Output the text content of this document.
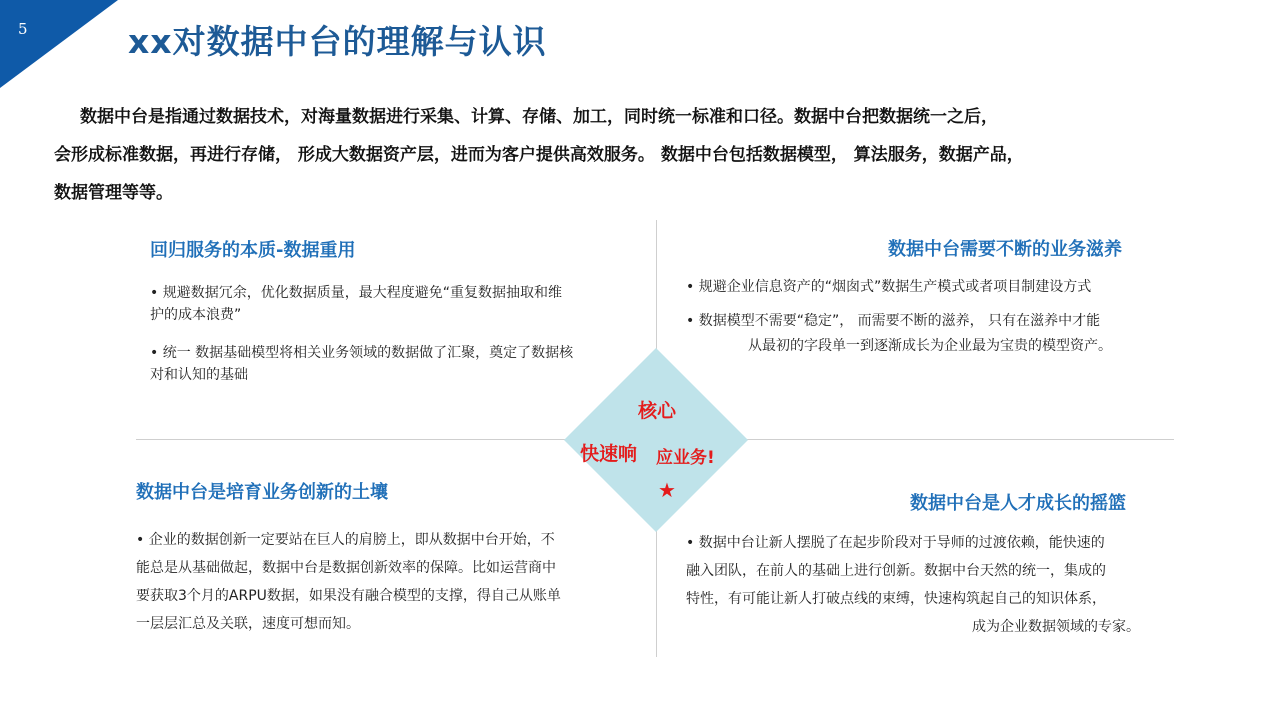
5	xx对数据中台的理解与认识
数据中台是指通过数据技术，对海量数据进行采集、计算、存储、加工，同时统一标准和口径。数据中台把数据统一之后，
会形成标准数据，再进行存储， 形成大数据资产层，进而为客户提供高效服务。 数据中台包括数据模型， 算法服务，数据产品，
数据管理等等。
回归服务的本质-数据重用
• 规避数据冗余，优化数据质量，最大程度避免“重复数据抽取和维
护的成本浪费”
• 统一 数据基础模型将相关业务领域的数据做了汇聚，奠定了数据核
对和认知的基础
数据中台需要不断的业务滋养
• 规避企业信息资产的“烟囱式”数据生产模式或者项目制建设方式
• 数据模型不需要“稳定”， 而需要不断的滋养， 只有在滋养中才能
从最初的字段单一到逐渐成长为企业最为宝贵的模型资产。
核心
快速响 应业务!
★
数据中台是培育业务创新的土壤
• 企业的数据创新一定要站在巨人的肩膀上，即从数据中台开始，不
能总是从基础做起，数据中台是数据创新效率的保障。比如运营商中
要获取3个月的ARPU数据，如果没有融合模型的支撑，得自己从账单
一层层汇总及关联，速度可想而知。
数据中台是人才成长的摇篮
• 数据中台让新人摆脱了在起步阶段对于导师的过渡依赖，能快速的
融入团队，在前人的基础上进行创新。数据中台天然的统一，集成的
特性，有可能让新人打破点线的束缚，快速构筑起自己的知识体系，
成为企业数据领域的专家。
